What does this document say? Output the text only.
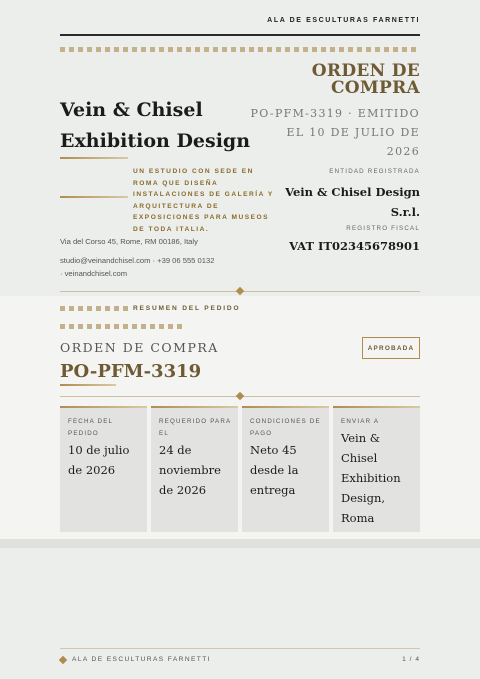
ALA DE ESCULTURAS FARNETTI
Vein & Chisel Exhibition Design
UN ESTUDIO CON SEDE EN ROMA QUE DISEÑA INSTALACIONES DE GALERÍA Y ARQUITECTURA DE EXPOSICIONES PARA MUSEOS DE TODA ITALIA.
Via del Corso 45, Rome, RM 00186, Italy
studio@veinandchisel.com · +39 06 555 0132
· veinandchisel.com
ORDEN DE COMPRA
PO-PFM-3319 · EMITIDO EL 10 DE JULIO DE 2026
ENTIDAD REGISTRADA
Vein & Chisel Design S.r.l.
REGISTRO FISCAL
VAT IT02345678901
RESUMEN DEL PEDIDO
ORDEN DE COMPRA
PO-PFM-3319
APROBADA
FECHA DEL PEDIDO
10 de julio de 2026
REQUERIDO PARA EL
24 de noviembre de 2026
CONDICIONES DE PAGO
Neto 45 desde la entrega
ENVIAR A
Vein & Chisel Exhibition Design, Roma
ALA DE ESCULTURAS FARNETTI	1 / 4
